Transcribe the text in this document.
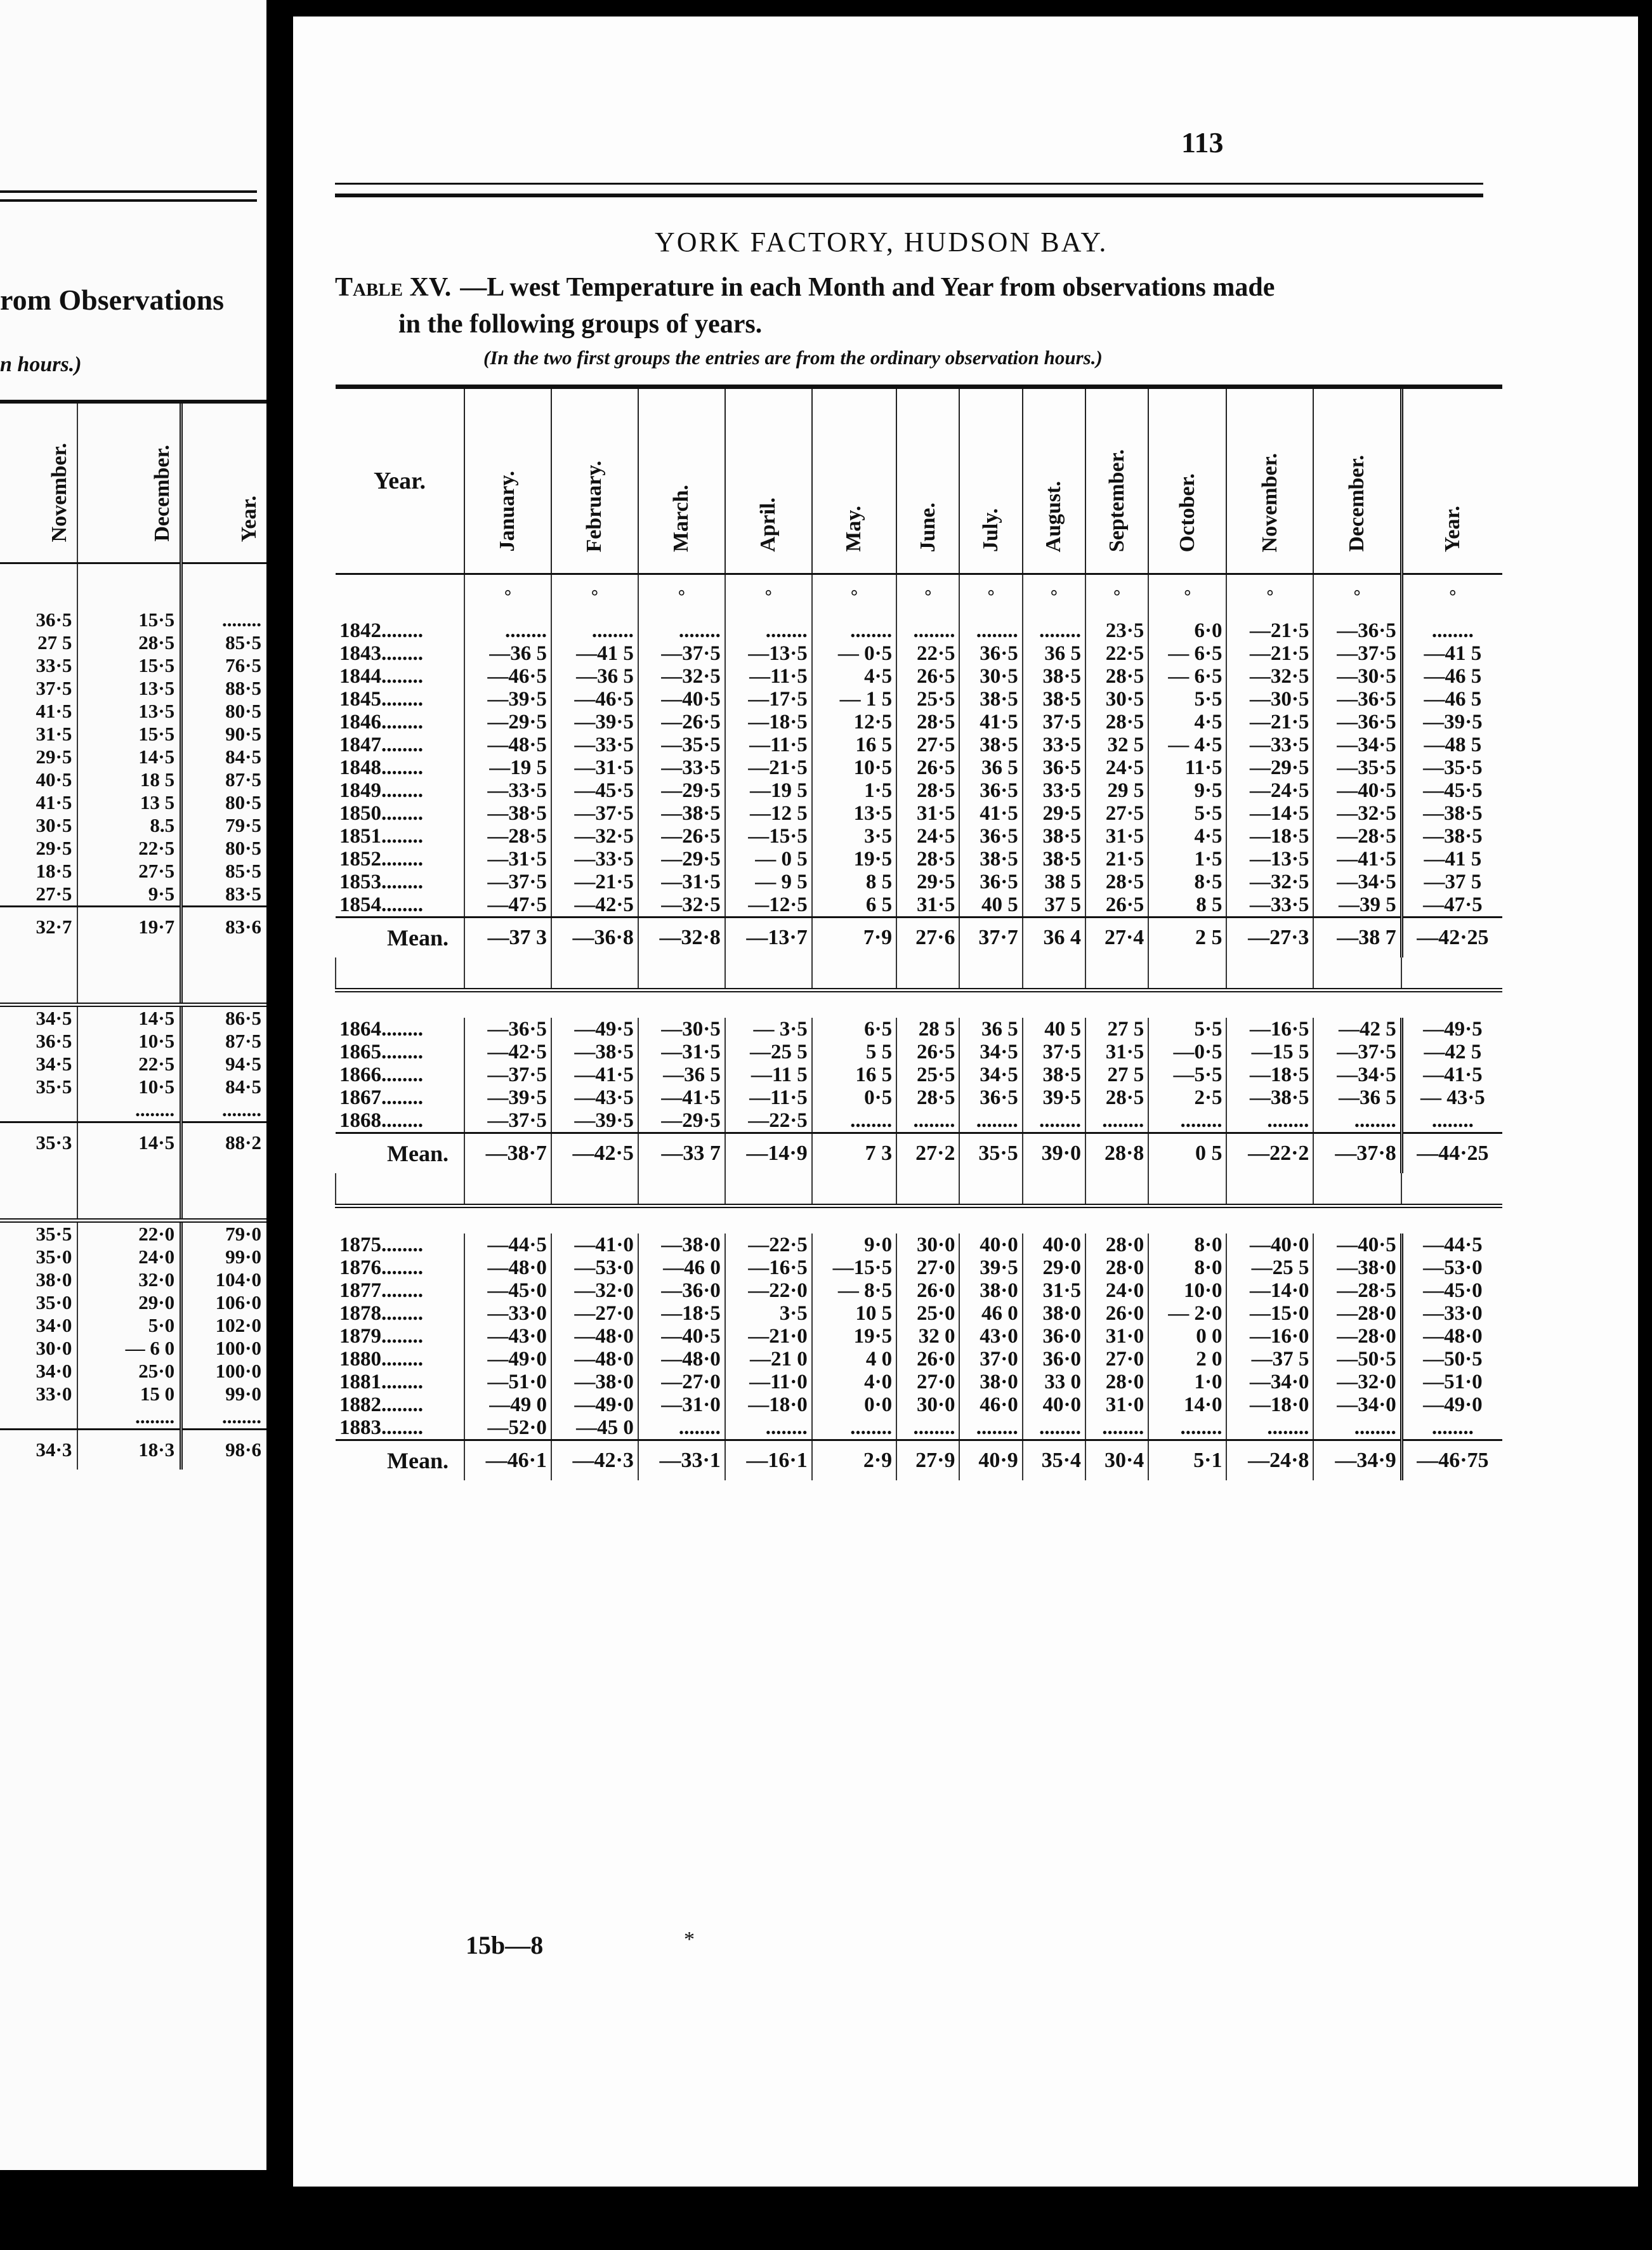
rom Observations
n hours.)
November.	December.	Year.

36·5	15·5	........
27 5	28·5	85·5
33·5	15·5	76·5
37·5	13·5	88·5
41·5	13·5	80·5
31·5	15·5	90·5
29·5	14·5	84·5
40·5	18 5	87·5
41·5	13 5	80·5
30·5	8.5	79·5
29·5	22·5	80·5
18·5	27·5	85·5
27·5	9·5	83·5
32·7	19·7	83·6

34·5	14·5	86·5
36·5	10·5	87·5
34·5	22·5	94·5
35·5	10·5	84·5
	........	........
35·3	14·5	88·2

35·5	22·0	79·0
35·0	24·0	99·0
38·0	32·0	104·0
35·0	29·0	106·0
34·0	5·0	102·0
30·0	— 6 0	100·0
34·0	25·0	100·0
33·0	15 0	99·0
	........	........
34·3	18·3	98·6
113
YORK FACTORY, HUDSON BAY.
Table XV. —L west Temperature in each Month and Year from observations made
in the following groups of years.
(In the two first groups the entries are from the ordinary observation hours.)
Year.	January.	February.	March.	April.	May.	June.	July.	August.	September.	October.	November.	December.	Year.
	°	°	°	°	°	°	°	°	°	°	°	°	°
1842........	........	........	........	........	........	........	........	........	23·5	6·0	—21·5	—36·5	........
1843........	—36 5	—41 5	—37·5	—13·5	— 0·5	22·5	36·5	36 5	22·5	— 6·5	—21·5	—37·5	—41 5
1844........	—46·5	—36 5	—32·5	—11·5	4·5	26·5	30·5	38·5	28·5	— 6·5	—32·5	—30·5	—46 5
1845........	—39·5	—46·5	—40·5	—17·5	— 1 5	25·5	38·5	38·5	30·5	5·5	—30·5	—36·5	—46 5
1846........	—29·5	—39·5	—26·5	—18·5	12·5	28·5	41·5	37·5	28·5	4·5	—21·5	—36·5	—39·5
1847........	—48·5	—33·5	—35·5	—11·5	16 5	27·5	38·5	33·5	32 5	— 4·5	—33·5	—34·5	—48 5
1848........	—19 5	—31·5	—33·5	—21·5	10·5	26·5	36 5	36·5	24·5	11·5	—29·5	—35·5	—35·5
1849........	—33·5	—45·5	—29·5	—19 5	1·5	28·5	36·5	33·5	29 5	9·5	—24·5	—40·5	—45·5
1850........	—38·5	—37·5	—38·5	—12 5	13·5	31·5	41·5	29·5	27·5	5·5	—14·5	—32·5	—38·5
1851........	—28·5	—32·5	—26·5	—15·5	3·5	24·5	36·5	38·5	31·5	4·5	—18·5	—28·5	—38·5
1852........	—31·5	—33·5	—29·5	— 0 5	19·5	28·5	38·5	38·5	21·5	1·5	—13·5	—41·5	—41 5
1853........	—37·5	—21·5	—31·5	— 9 5	8 5	29·5	36·5	38 5	28·5	8·5	—32·5	—34·5	—37 5
1854........	—47·5	—42·5	—32·5	—12·5	6 5	31·5	40 5	37 5	26·5	8 5	—33·5	—39 5	—47·5
Mean.	—37 3	—36·8	—32·8	—13·7	7·9	27·6	37·7	36 4	27·4	2 5	—27·3	—38 7	—42·25

1864........	—36·5	—49·5	—30·5	— 3·5	6·5	28 5	36 5	40 5	27 5	5·5	—16·5	—42 5	—49·5
1865........	—42·5	—38·5	—31·5	—25 5	5 5	26·5	34·5	37·5	31·5	—0·5	—15 5	—37·5	—42 5
1866........	—37·5	—41·5	—36 5	—11 5	16 5	25·5	34·5	38·5	27 5	—5·5	—18·5	—34·5	—41·5
1867........	—39·5	—43·5	—41·5	—11·5	0·5	28·5	36·5	39·5	28·5	2·5	—38·5	—36 5	— 43·5
1868........	—37·5	—39·5	—29·5	—22·5	........	........	........	........	........	........	........	........	........
Mean.	—38·7	—42·5	—33 7	—14·9	7 3	27·2	35·5	39·0	28·8	0 5	—22·2	—37·8	—44·25

1875........	—44·5	—41·0	—38·0	—22·5	9·0	30·0	40·0	40·0	28·0	8·0	—40·0	—40·5	—44·5
1876........	—48·0	—53·0	—46 0	—16·5	—15·5	27·0	39·5	29·0	28·0	8·0	—25 5	—38·0	—53·0
1877........	—45·0	—32·0	—36·0	—22·0	— 8·5	26·0	38·0	31·5	24·0	10·0	—14·0	—28·5	—45·0
1878........	—33·0	—27·0	—18·5	3·5	10 5	25·0	46 0	38·0	26·0	— 2·0	—15·0	—28·0	—33·0
1879........	—43·0	—48·0	—40·5	—21·0	19·5	32 0	43·0	36·0	31·0	0 0	—16·0	—28·0	—48·0
1880........	—49·0	—48·0	—48·0	—21 0	4 0	26·0	37·0	36·0	27·0	2 0	—37 5	—50·5	—50·5
1881........	—51·0	—38·0	—27·0	—11·0	4·0	27·0	38·0	33 0	28·0	1·0	—34·0	—32·0	—51·0
1882........	—49 0	—49·0	—31·0	—18·0	0·0	30·0	46·0	40·0	31·0	14·0	—18·0	—34·0	—49·0
1883........	—52·0	—45 0	........	........	........	........	........	........	........	........	........	........	........
Mean.	—46·1	—42·3	—33·1	—16·1	2·9	27·9	40·9	35·4	30·4	5·1	—24·8	—34·9	—46·75
15b—8	*
